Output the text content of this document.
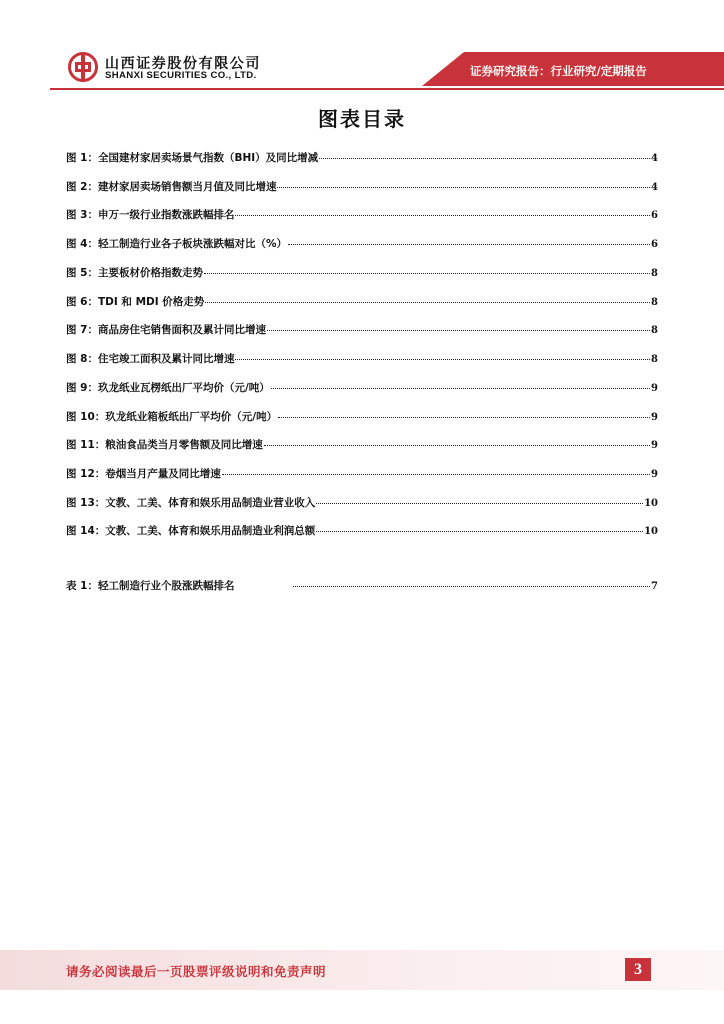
山西证券股份有限公司
SHANXI SECURITIES CO., LTD.	证券研究报告：行业研究/定期报告
图表目录
图 1： 全国建材家居卖场景气指数（BHI）及同比增减	4
图 2： 建材家居卖场销售额当月值及同比增速	4
图 3： 申万一级行业指数涨跌幅排名	6
图 4： 轻工制造行业各子板块涨跌幅对比（%）	6
图 5： 主要板材价格指数走势	8
图 6： TDI 和 MDI 价格走势	8
图 7： 商品房住宅销售面积及累计同比增速	8
图 8： 住宅竣工面积及累计同比增速	8
图 9： 玖龙纸业瓦楞纸出厂平均价（元/吨）	9
图 10： 玖龙纸业箱板纸出厂平均价（元/吨）	9
图 11： 粮油食品类当月零售额及同比增速	9
图 12： 卷烟当月产量及同比增速	9
图 13： 文教、工美、体育和娱乐用品制造业营业收入	10
图 14： 文教、工美、体育和娱乐用品制造业利润总额	10
表 1： 轻工制造行业个股涨跌幅排名	7
请务必阅读最后一页股票评级说明和免责声明	3
